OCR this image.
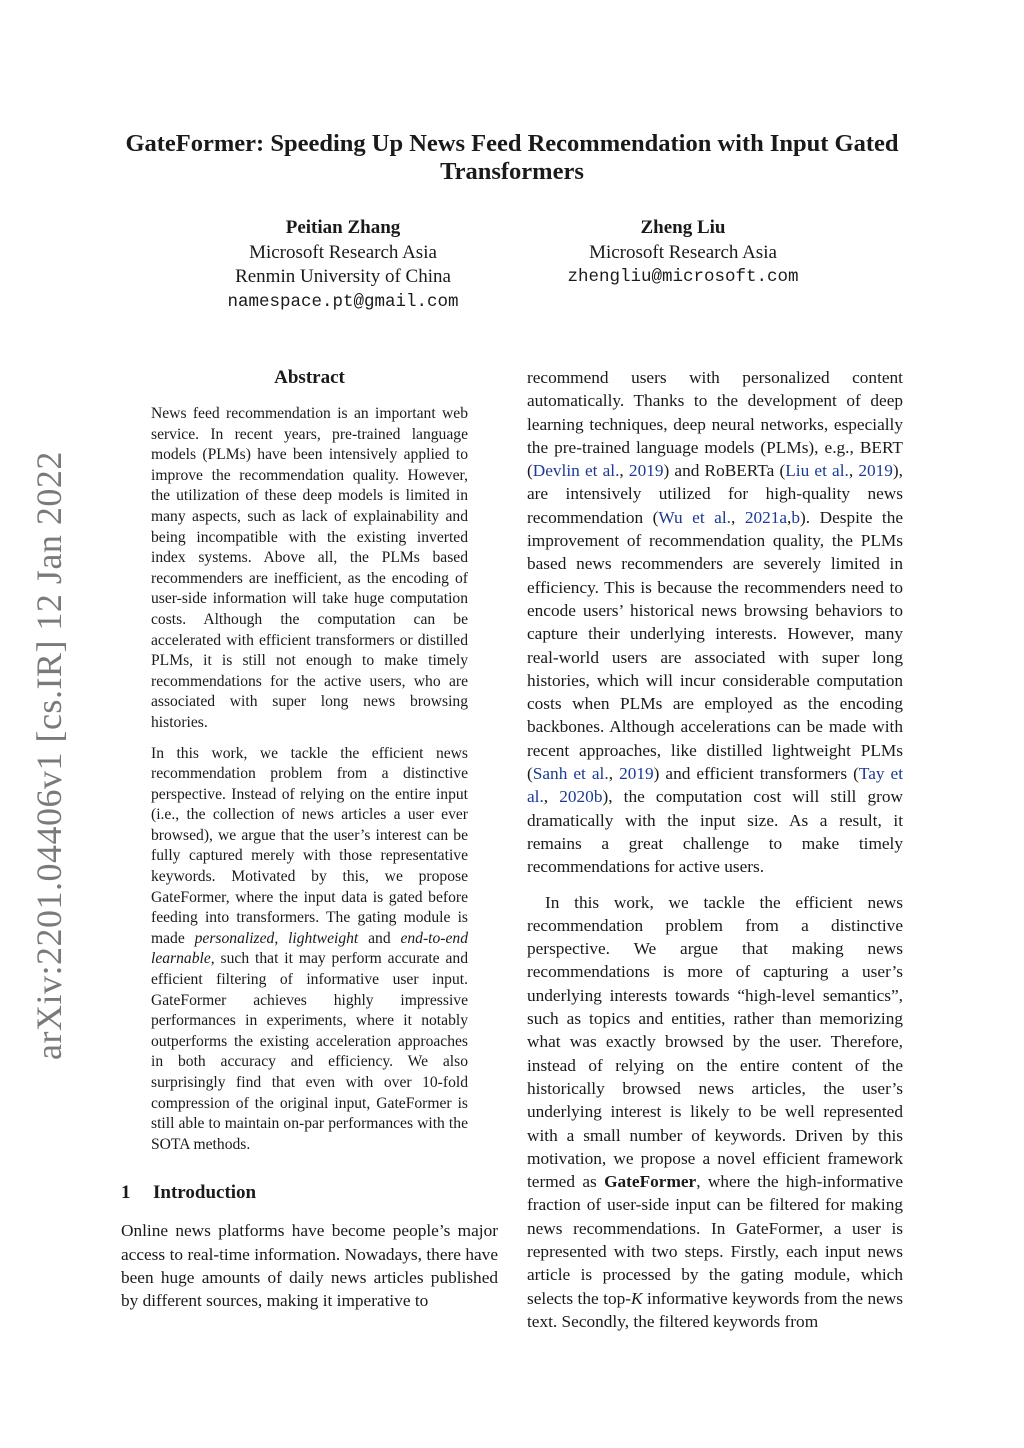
arXiv:2201.04406v1 [cs.IR] 12 Jan 2022
GateFormer: Speeding Up News Feed Recommendation with Input Gated Transformers
Peitian Zhang
Microsoft Research Asia
Renmin University of China
namespace.pt@gmail.com
Zheng Liu
Microsoft Research Asia
zhengliu@microsoft.com
Abstract

News feed recommendation is an important web service. In recent years, pre-trained language models (PLMs) have been intensively applied to improve the recommendation quality. However, the utilization of these deep models is limited in many aspects, such as lack of explainability and being incompatible with the existing inverted index systems. Above all, the PLMs based recommenders are inefficient, as the encoding of user-side information will take huge computation costs. Although the computation can be accelerated with efficient transformers or distilled PLMs, it is still not enough to make timely recommendations for the active users, who are associated with super long news browsing histories.

In this work, we tackle the efficient news recommendation problem from a distinctive perspective. Instead of relying on the entire input (i.e., the collection of news articles a user ever browsed), we argue that the user’s interest can be fully captured merely with those representative keywords. Motivated by this, we propose GateFormer, where the input data is gated before feeding into transformers. The gating module is made personalized, lightweight and end-to-end learnable, such that it may perform accurate and efficient filtering of informative user input. GateFormer achieves highly impressive performances in experiments, where it notably outperforms the existing acceleration approaches in both accuracy and efficiency. We also surprisingly find that even with over 10-fold compression of the original input, GateFormer is still able to maintain on-par performances with the SOTA methods.

1 Introduction

Online news platforms have become people’s major access to real-time information. Nowadays, there have been huge amounts of daily news articles published by different sources, making it imperative to

recommend users with personalized content automatically. Thanks to the development of deep learning techniques, deep neural networks, especially the pre-trained language models (PLMs), e.g., BERT (Devlin et al., 2019) and RoBERTa (Liu et al., 2019), are intensively utilized for high-quality news recommendation (Wu et al., 2021a,b). Despite the improvement of recommendation quality, the PLMs based news recommenders are severely limited in efficiency. This is because the recommenders need to encode users’ historical news browsing behaviors to capture their underlying interests. However, many real-world users are associated with super long histories, which will incur considerable computation costs when PLMs are employed as the encoding backbones. Although accelerations can be made with recent approaches, like distilled lightweight PLMs (Sanh et al., 2019) and efficient transformers (Tay et al., 2020b), the computation cost will still grow dramatically with the input size. As a result, it remains a great challenge to make timely recommendations for active users.

In this work, we tackle the efficient news recommendation problem from a distinctive perspective. We argue that making news recommendations is more of capturing a user’s underlying interests towards “high-level semantics”, such as topics and entities, rather than memorizing what was exactly browsed by the user. Therefore, instead of relying on the entire content of the historically browsed news articles, the user’s underlying interest is likely to be well represented with a small number of keywords. Driven by this motivation, we propose a novel efficient framework termed as GateFormer, where the high-informative fraction of user-side input can be filtered for making news recommendations. In GateFormer, a user is represented with two steps. Firstly, each input news article is processed by the gating module, which selects the top-K informative keywords from the news text. Secondly, the filtered keywords from
